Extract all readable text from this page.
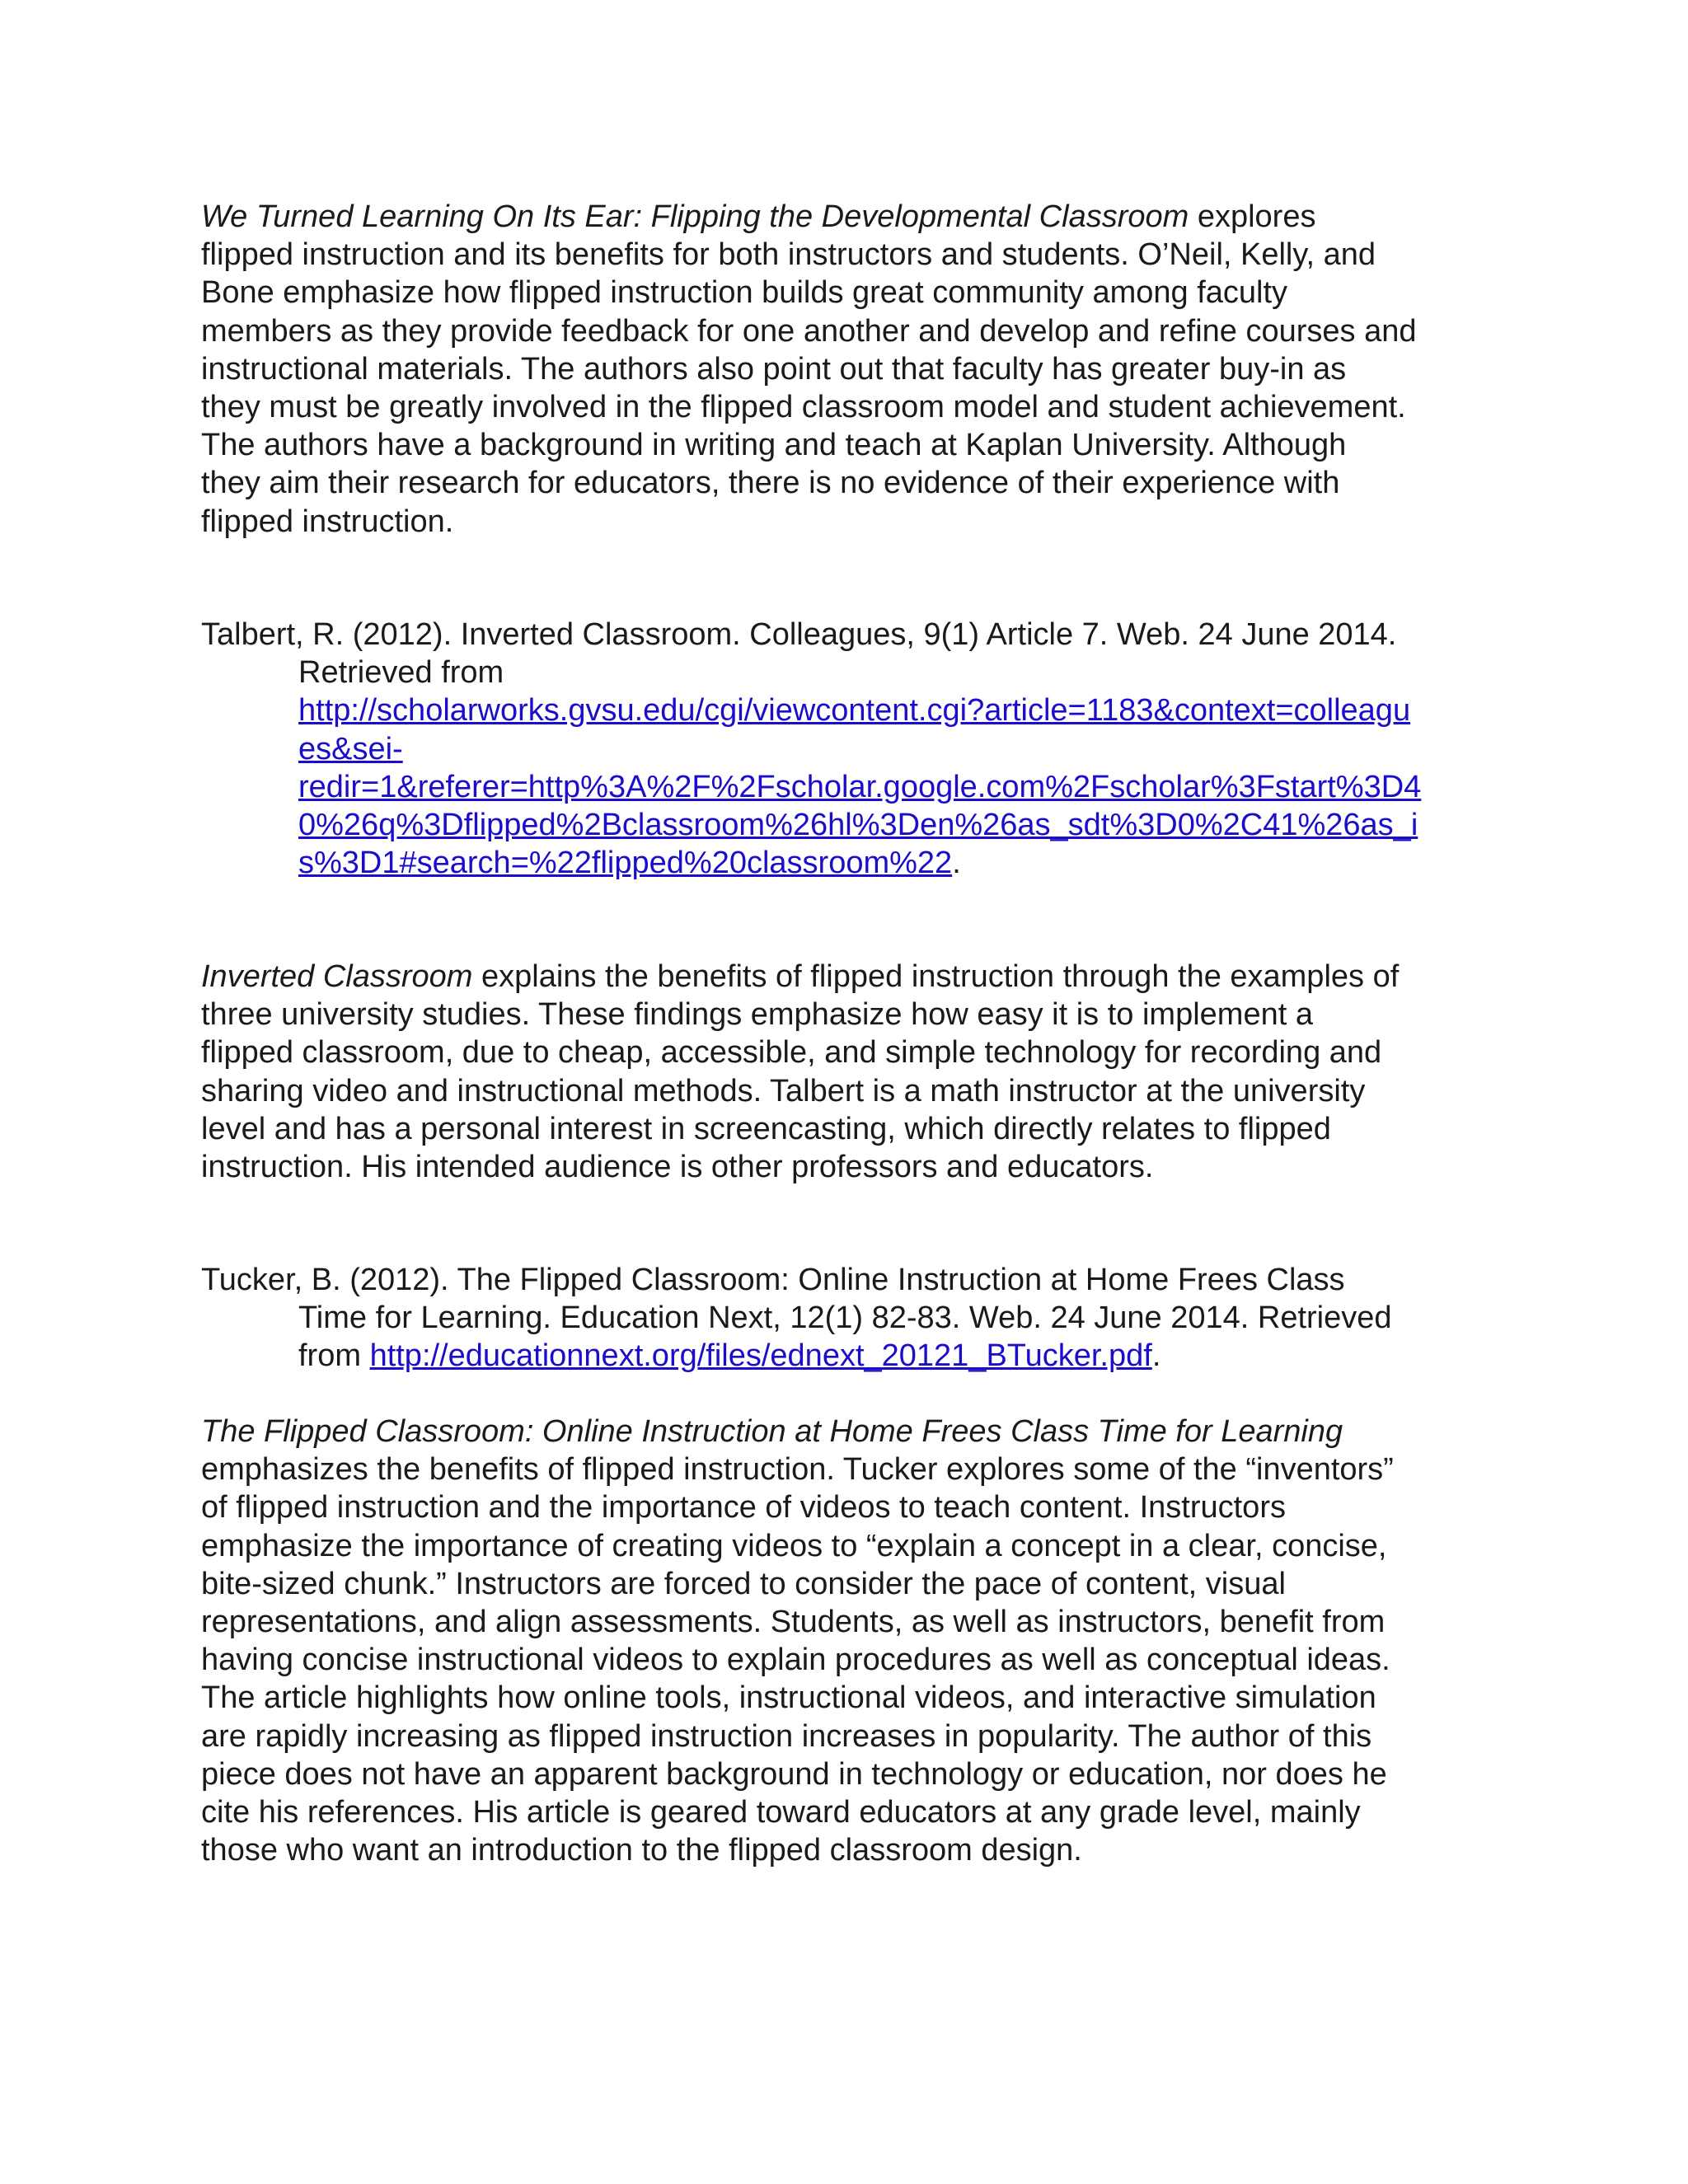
We Turned Learning On Its Ear: Flipping the Developmental Classroom explores

flipped instruction and its benefits for both instructors and students. O’Neil, Kelly, and

Bone emphasize how flipped instruction builds great community among faculty

members as they provide feedback for one another and develop and refine courses and

instructional materials. The authors also point out that faculty has greater buy-in as

they must be greatly involved in the flipped classroom model and student achievement.

The authors have a background in writing and teach at Kaplan University. Although

they aim their research for educators, there is no evidence of their experience with

flipped instruction.

Talbert, R. (2012). Inverted Classroom. Colleagues, 9(1) Article 7. Web. 24 June 2014.

Retrieved from

http://scholarworks.gvsu.edu/cgi/viewcontent.cgi?article=1183&context=colleagu

es&sei-

redir=1&referer=http%3A%2F%2Fscholar.google.com%2Fscholar%3Fstart%3D4

0%26q%3Dflipped%2Bclassroom%26hl%3Den%26as_sdt%3D0%2C41%26as_i

s%3D1#search=%22flipped%20classroom%22.

Inverted Classroom explains the benefits of flipped instruction through the examples of

three university studies. These findings emphasize how easy it is to implement a

flipped classroom, due to cheap, accessible, and simple technology for recording and

sharing video and instructional methods. Talbert is a math instructor at the university

level and has a personal interest in screencasting, which directly relates to flipped

instruction. His intended audience is other professors and educators.

Tucker, B. (2012). The Flipped Classroom: Online Instruction at Home Frees Class

Time for Learning. Education Next, 12(1) 82-83. Web. 24 June 2014. Retrieved

from http://educationnext.org/files/ednext_20121_BTucker.pdf.

The Flipped Classroom: Online Instruction at Home Frees Class Time for Learning

emphasizes the benefits of flipped instruction. Tucker explores some of the “inventors”

of flipped instruction and the importance of videos to teach content. Instructors

emphasize the importance of creating videos to “explain a concept in a clear, concise,

bite-sized chunk.” Instructors are forced to consider the pace of content, visual

representations, and align assessments. Students, as well as instructors, benefit from

having concise instructional videos to explain procedures as well as conceptual ideas.

The article highlights how online tools, instructional videos, and interactive simulation

are rapidly increasing as flipped instruction increases in popularity. The author of this

piece does not have an apparent background in technology or education, nor does he

cite his references. His article is geared toward educators at any grade level, mainly

those who want an introduction to the flipped classroom design.
